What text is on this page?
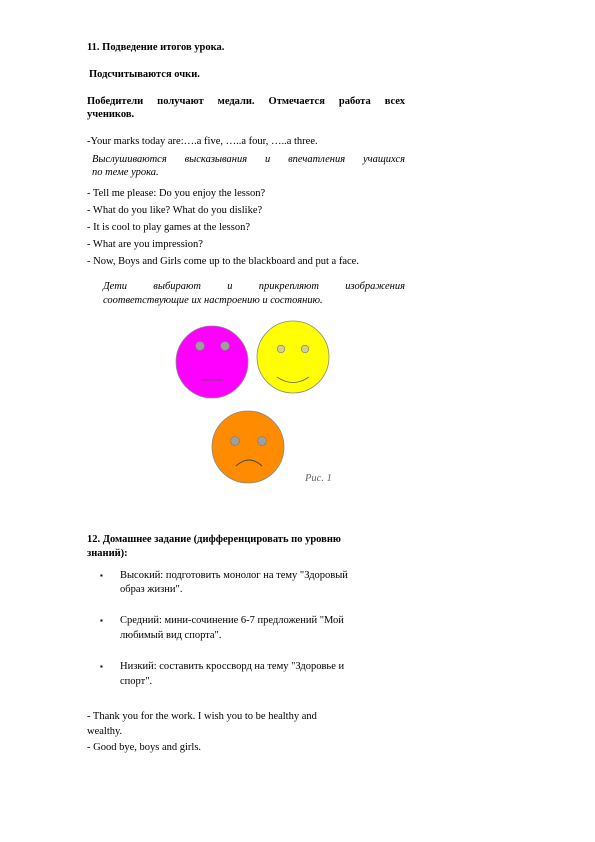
11. Подведение итогов урока.
Подсчитываются очки.
Победители получают медали. Отмечается работа всех
учеников.
-Your marks today are:….a five, …..a four, …..a three.
Выслушиваются высказывания и впечатления учащихся
по теме урока.
- Tell me please: Do you enjoy the lesson?
- What do you like? What do you dislike?
- It is cool to play games at the lesson?
- What are you impression?
- Now, Boys and Girls come up to the blackboard and put a face.
Дети выбирают и прикрепляют изображения
соответствующие их настроению и состоянию.
Рис. 1
12. Домашнее задание (дифференцировать по уровню
знаний):
▪ Высокий: подготовить монолог на тему "Здоровый
образ жизни".
▪ Средний: мини-сочинение 6-7 предложений "Мой
любимый вид спорта".
▪ Низкий: составить кроссворд на тему "Здоровье и
спорт".
- Thank you for the work. I wish you to be healthy and
wealthy.
- Good bye, boys and girls.
